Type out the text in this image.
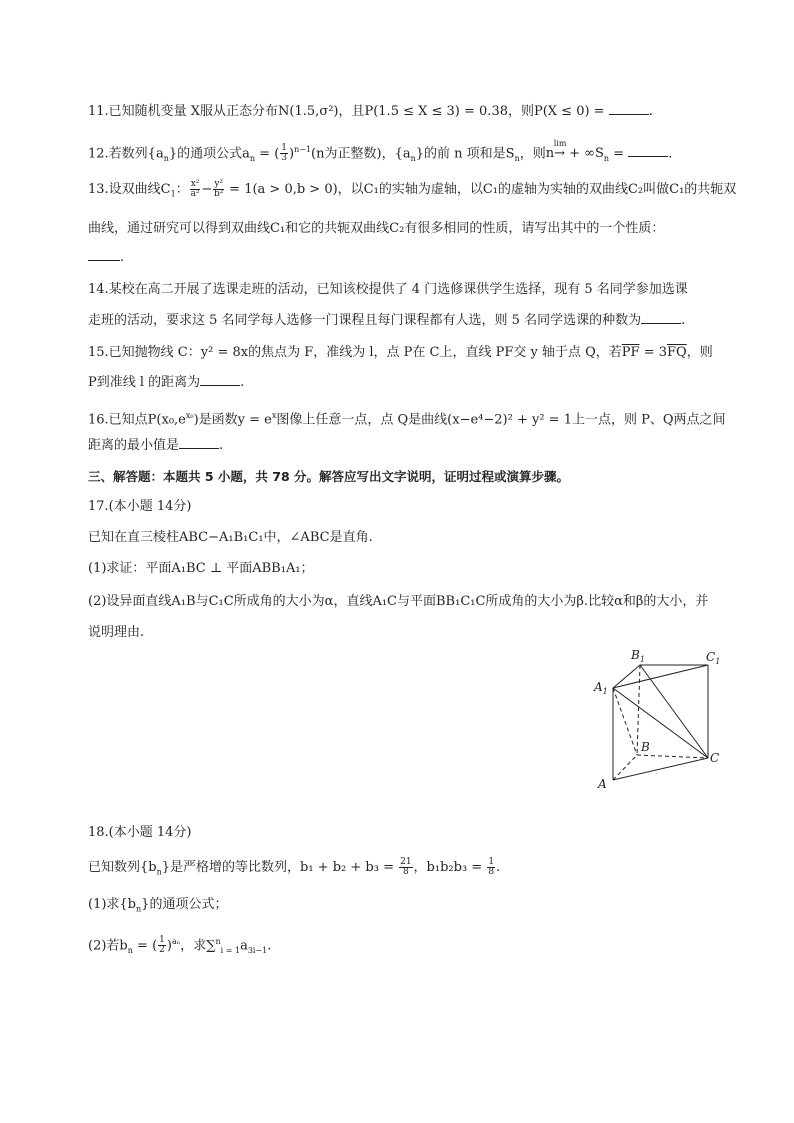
11.已知随机变量 X服从正态分布N(1.5,σ²)，且P(1.5 ≤ X ≤ 3) = 0.38，则P(X ≤ 0) =	.
12.若数列$\{a_n\}$的通项公式$a_n$ = ( $\frac{1}{3} )^{n-1}(n$为正整数)，$\{a_n\}$的前 n 项和是$S_n$，则
lim
$n\to + \infty S_n$ =	.
13.设双曲线$C_1$： $\frac{\text{x²}}{\text{a²}} - \frac{\text{y²}}{\text{b²}} = 1(a > 0,b > 0)$，以C₁的实轴为虚轴，以C₁的虚轴为实轴的双曲线C₂叫做C₁的共轭双
曲线，通过研究可以得到双曲线C₁和它的共轭双曲线C₂有很多相同的性质，请写出其中的一个性质：
.
14.某校在高二开展了选课走班的活动，已知该校提供了 4 门选修课供学生选择，现有 5 名同学参加选课
走班的活动，要求这 5 名同学每人选修一门课程且每门课程都有人选，则 5 名同学选课的种数为	.
15.已知抛物线 C：y² = 8x的焦点为 F，准线为 l，点 P在 C上，直线 PF交 y 轴于点 Q，若$\overline{PF} = 3\overline{FQ}$，则
P到准线 l 的距离为	.
16.已知点$P(x_0,e^{x_0})$是函数$y = e^x$图像上任意一点，点 Q是曲线(x−e⁴−2)² + y² = 1上一点，则 P、Q两点之间
距离的最小值是	.
三、解答题：本题共 5 小题，共 78 分。解答应写出文字说明，证明过程或演算步骤。
17.(本小题 14分)
已知在直三棱柱ABC−A₁B₁C₁中，∠ABC是直角.
(1)求证：平面A₁BC ⊥ 平面ABB₁A₁；
(2)设异面直线A₁B与C₁C所成角的大小为α，直线A₁C与平面BB₁C₁C所成角的大小为β.比较α和β的大小，并
说明理由.
$B_1$	$C_1$
$A_1$
B
C
A
18.(本小题 14分)
已知数列$\{b_n\}$是严格增的等比数列，$b_1 + b_2 + b_3 = \frac{21}{8}$ ，$b_1b_2b_3 = \frac{1}{8}$ .
(1)求$\{b_n\}$的通项公式；
(2)若$b_n$ = ( $\frac{1}{2} )^{a_n}$，求$\sum^n_{i = 1}a_{3i-1}$.
